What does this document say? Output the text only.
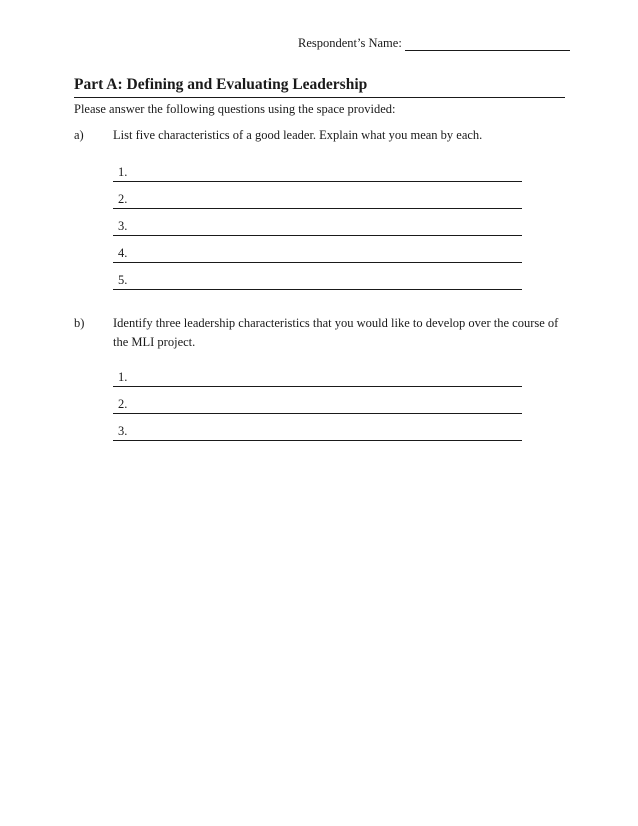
Respondent’s Name:
Part A: Defining and Evaluating Leadership
Please answer the following questions using the space provided:
a) List five characteristics of a good leader. Explain what you mean by each.
1.
2.
3.
4.
5.
b) Identify three leadership characteristics that you would like to develop over the course of the MLI project.
1.
2.
3.
